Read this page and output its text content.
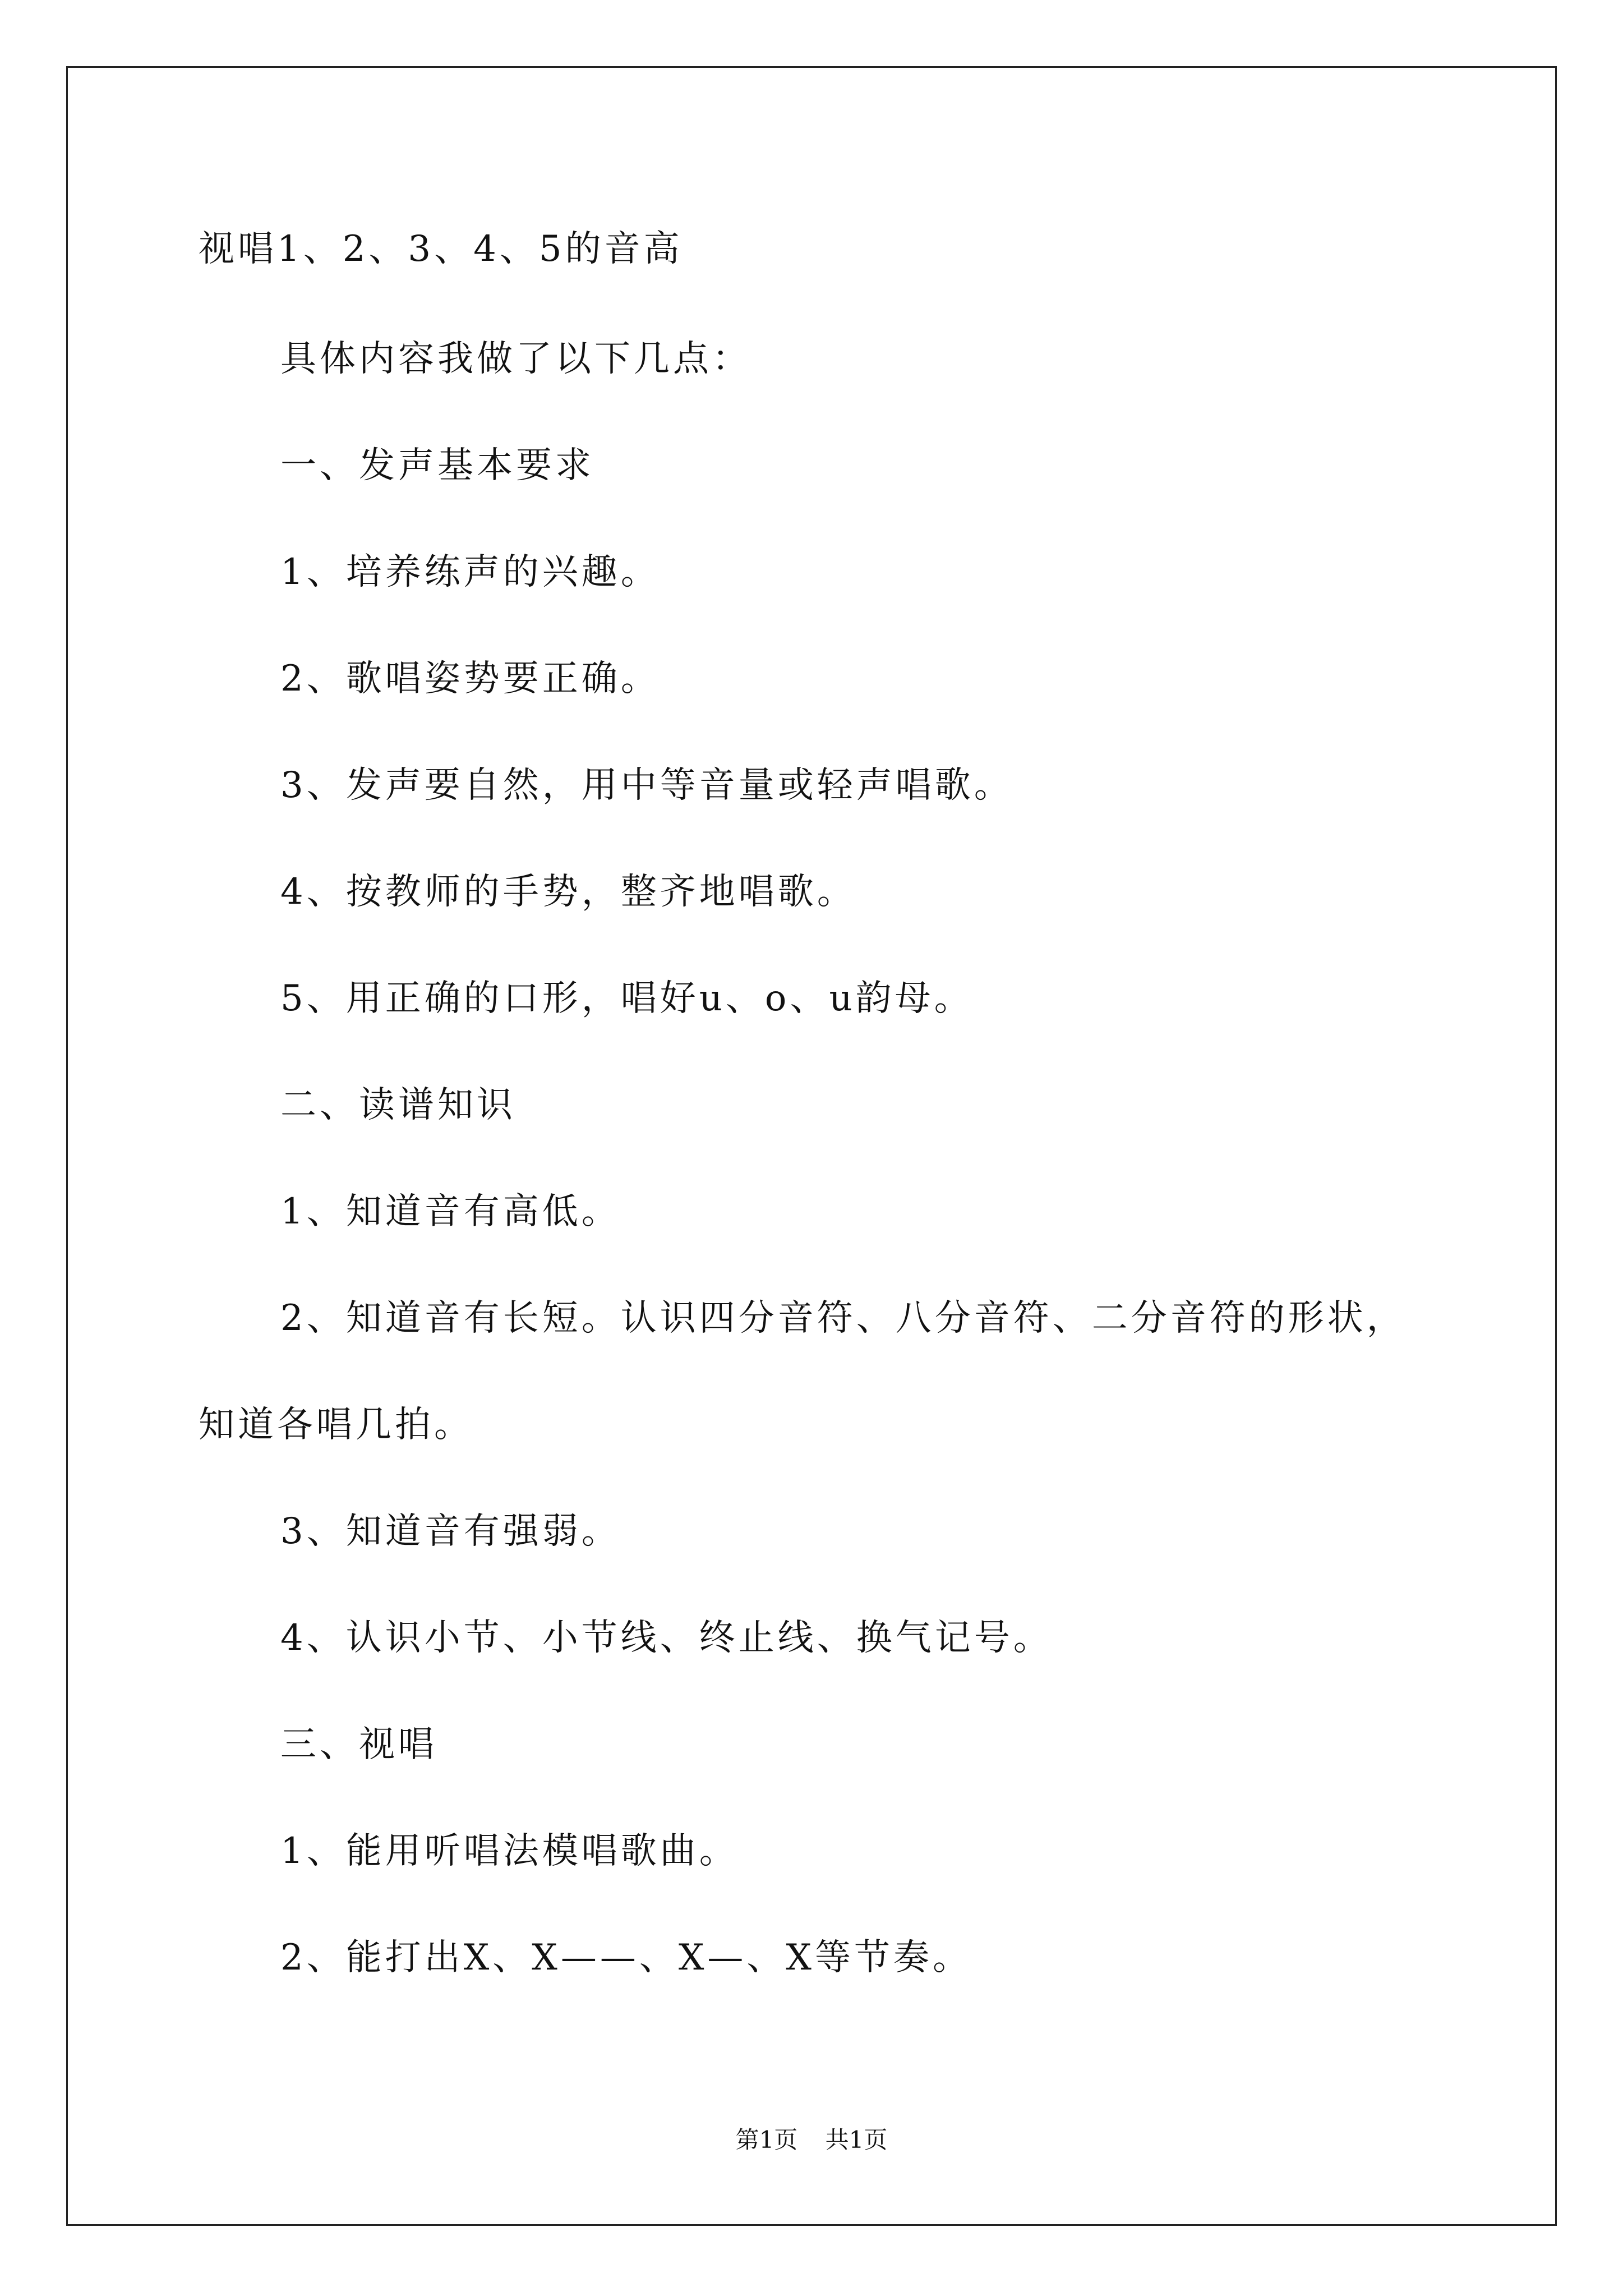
视唱1、2、3、4、5的音高
具体内容我做了以下几点：
一、发声基本要求
1、培养练声的兴趣。
2、歌唱姿势要正确。
3、发声要自然，用中等音量或轻声唱歌。
4、按教师的手势，整齐地唱歌。
5、用正确的口形，唱好u、o、u韵母。
二、读谱知识
1、知道音有高低。
2、知道音有长短。认识四分音符、八分音符、二分音符的形状，
知道各唱几拍。
3、知道音有强弱。
4、认识小节、小节线、终止线、换气记号。
三、视唱
1、能用听唱法模唱歌曲。
2、能打出X、X——、X—、X等节奏。
第1页 共1页
